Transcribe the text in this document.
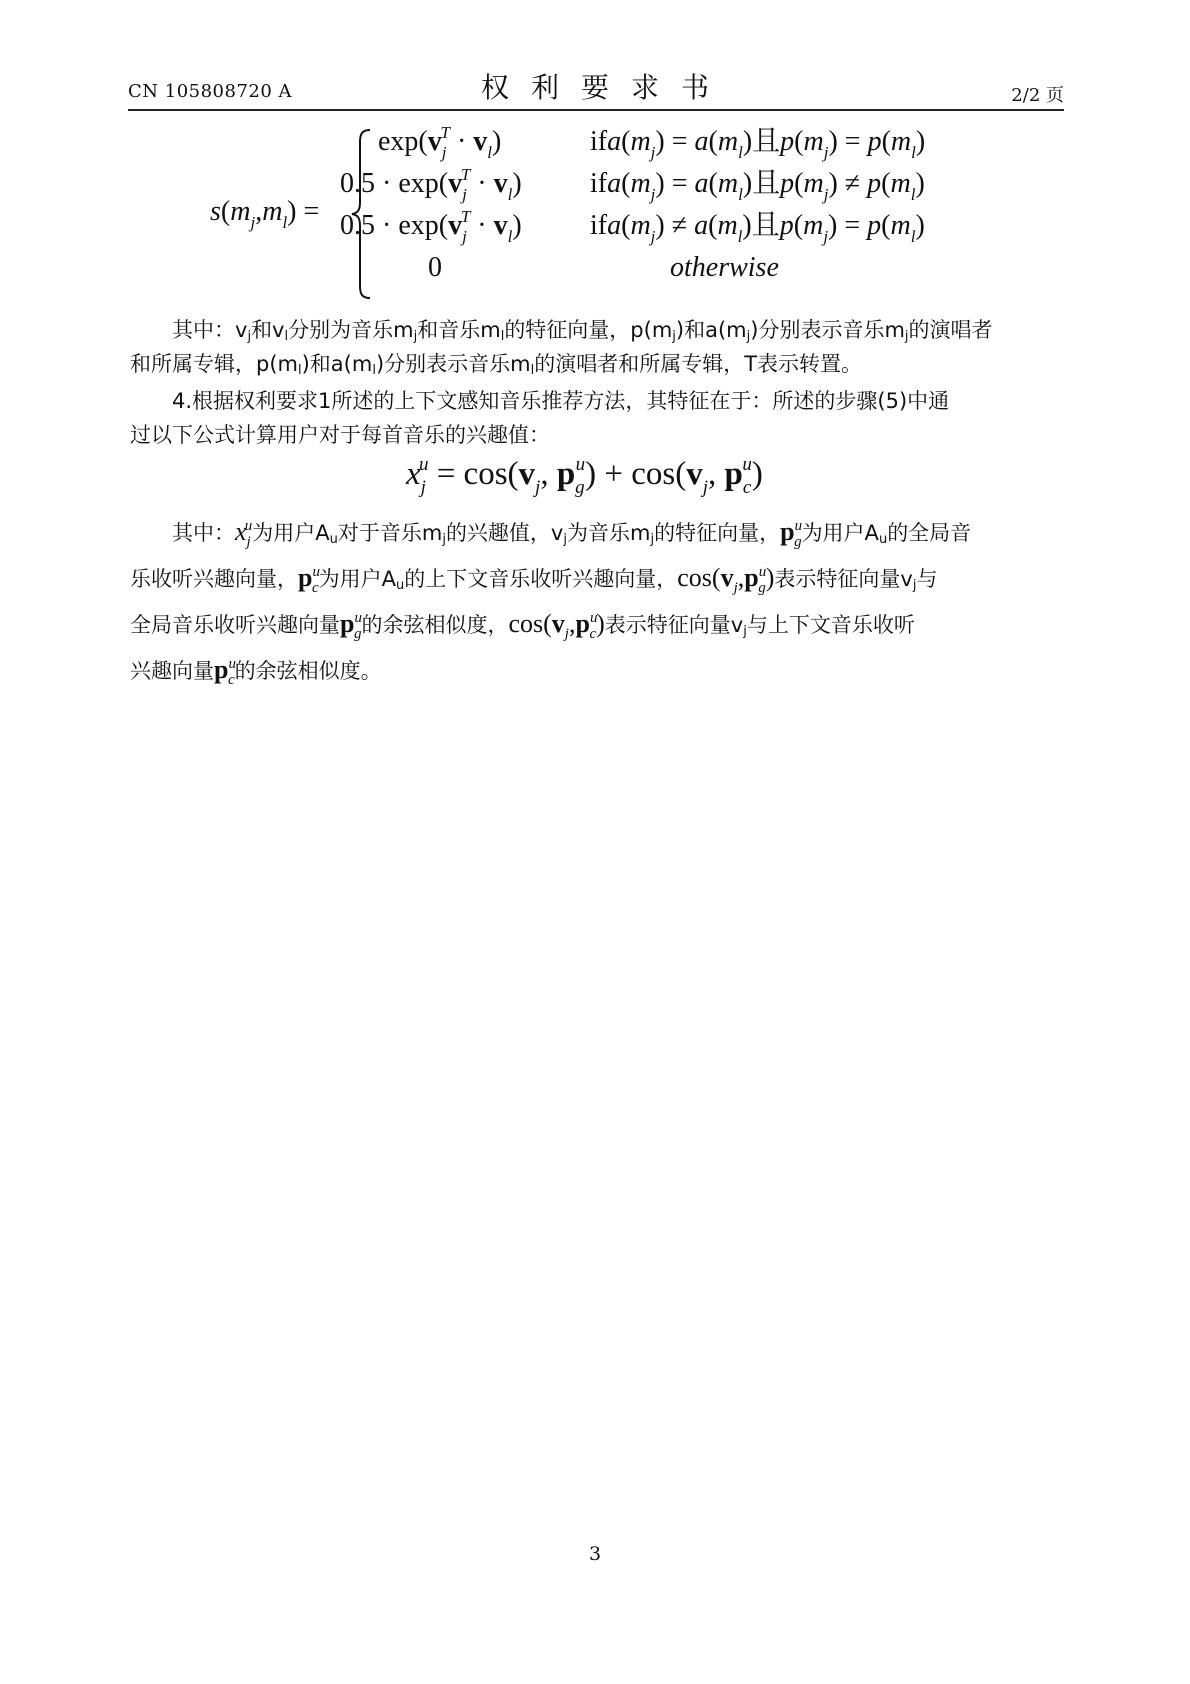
CN 105808720 A	权利要求书	2/2 页
$s(m_j,m_l)$ =
$\exp(v_j^T \cdot v_l)$	$ifa(m_j) = a(m_l)$且$p(m_j) = p(m_l)$
$0.5 \cdot \exp(v_j^T \cdot v_l) ifa(m_j) = a(m_l)$且$p(m_j) \ne p(m_l)$
$0.5 \cdot \exp(v_j^T \cdot v_l) ifa(m_j) \ne a(m_l)$且$p(m_j) = p(m_l)$
0	otherwise
其中：vj和vl分别为音乐mj和音乐ml的特征向量，p(mj)和a(mj)分别表示音乐mj的演唱者
和所属专辑，p(ml)和a(ml)分别表示音乐ml的演唱者和所属专辑，T表示转置。
4.根据权利要求1所述的上下文感知音乐推荐方法，其特征在于：所述的步骤(5)中通
过以下公式计算用户对于每首音乐的兴趣值：
$x_j^u = \cos(v_j$, $p_g^u) + \cos(v_j$, $p_c^u$)
其中：$x_j^u$为用户Au对于音乐mj的兴趣值，vj为音乐mj的特征向量，$p^u_g$为用户Au的全局音
乐收听兴趣向量，$p^u_c$为用户Au的上下文音乐收听兴趣向量，$\cos(v_j,p^u_g)$表示特征向量vj与
全局音乐收听兴趣向量$p^u_g$的余弦相似度，$\cos(v_j,p^u_c)$表示特征向量vj与上下文音乐收听
兴趣向量$p^u_c$的余弦相似度。
3
